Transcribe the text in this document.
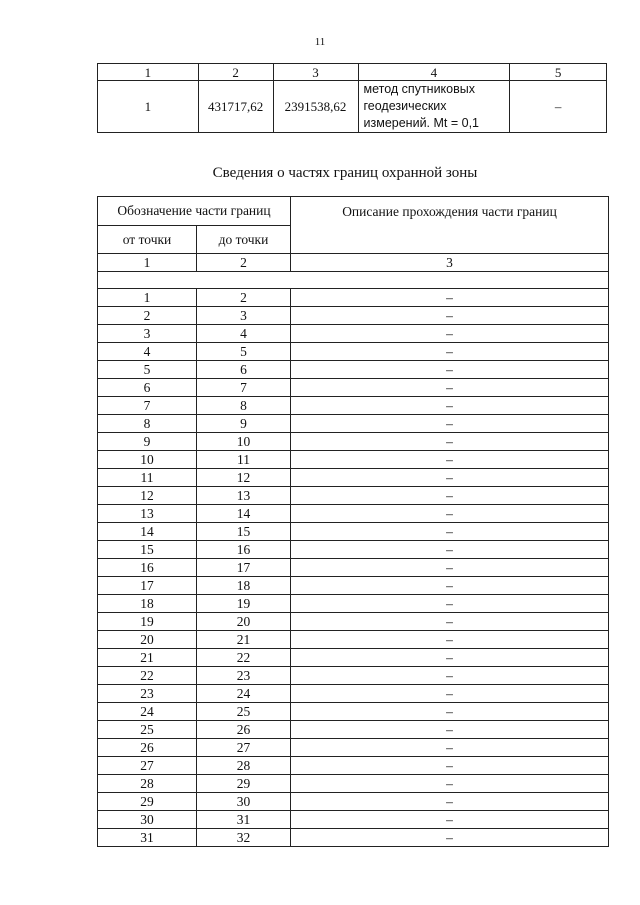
11
1	2	3	4	5
1	431717,62	2391538,62	метод спутниковых
геодезических
измерений. Mt = 0,1	–
Сведения о частях границ охранной зоны
Обозначение части границ		Описание прохождения части границ
от точки	до точки	
1	2	3

1	2	–
2	3	–
3	4	–
4	5	–
5	6	–
6	7	–
7	8	–
8	9	–
9	10	–
10	11	–
11	12	–
12	13	–
13	14	–
14	15	–
15	16	–
16	17	–
17	18	–
18	19	–
19	20	–
20	21	–
21	22	–
22	23	–
23	24	–
24	25	–
25	26	–
26	27	–
27	28	–
28	29	–
29	30	–
30	31	–
31	32	–
